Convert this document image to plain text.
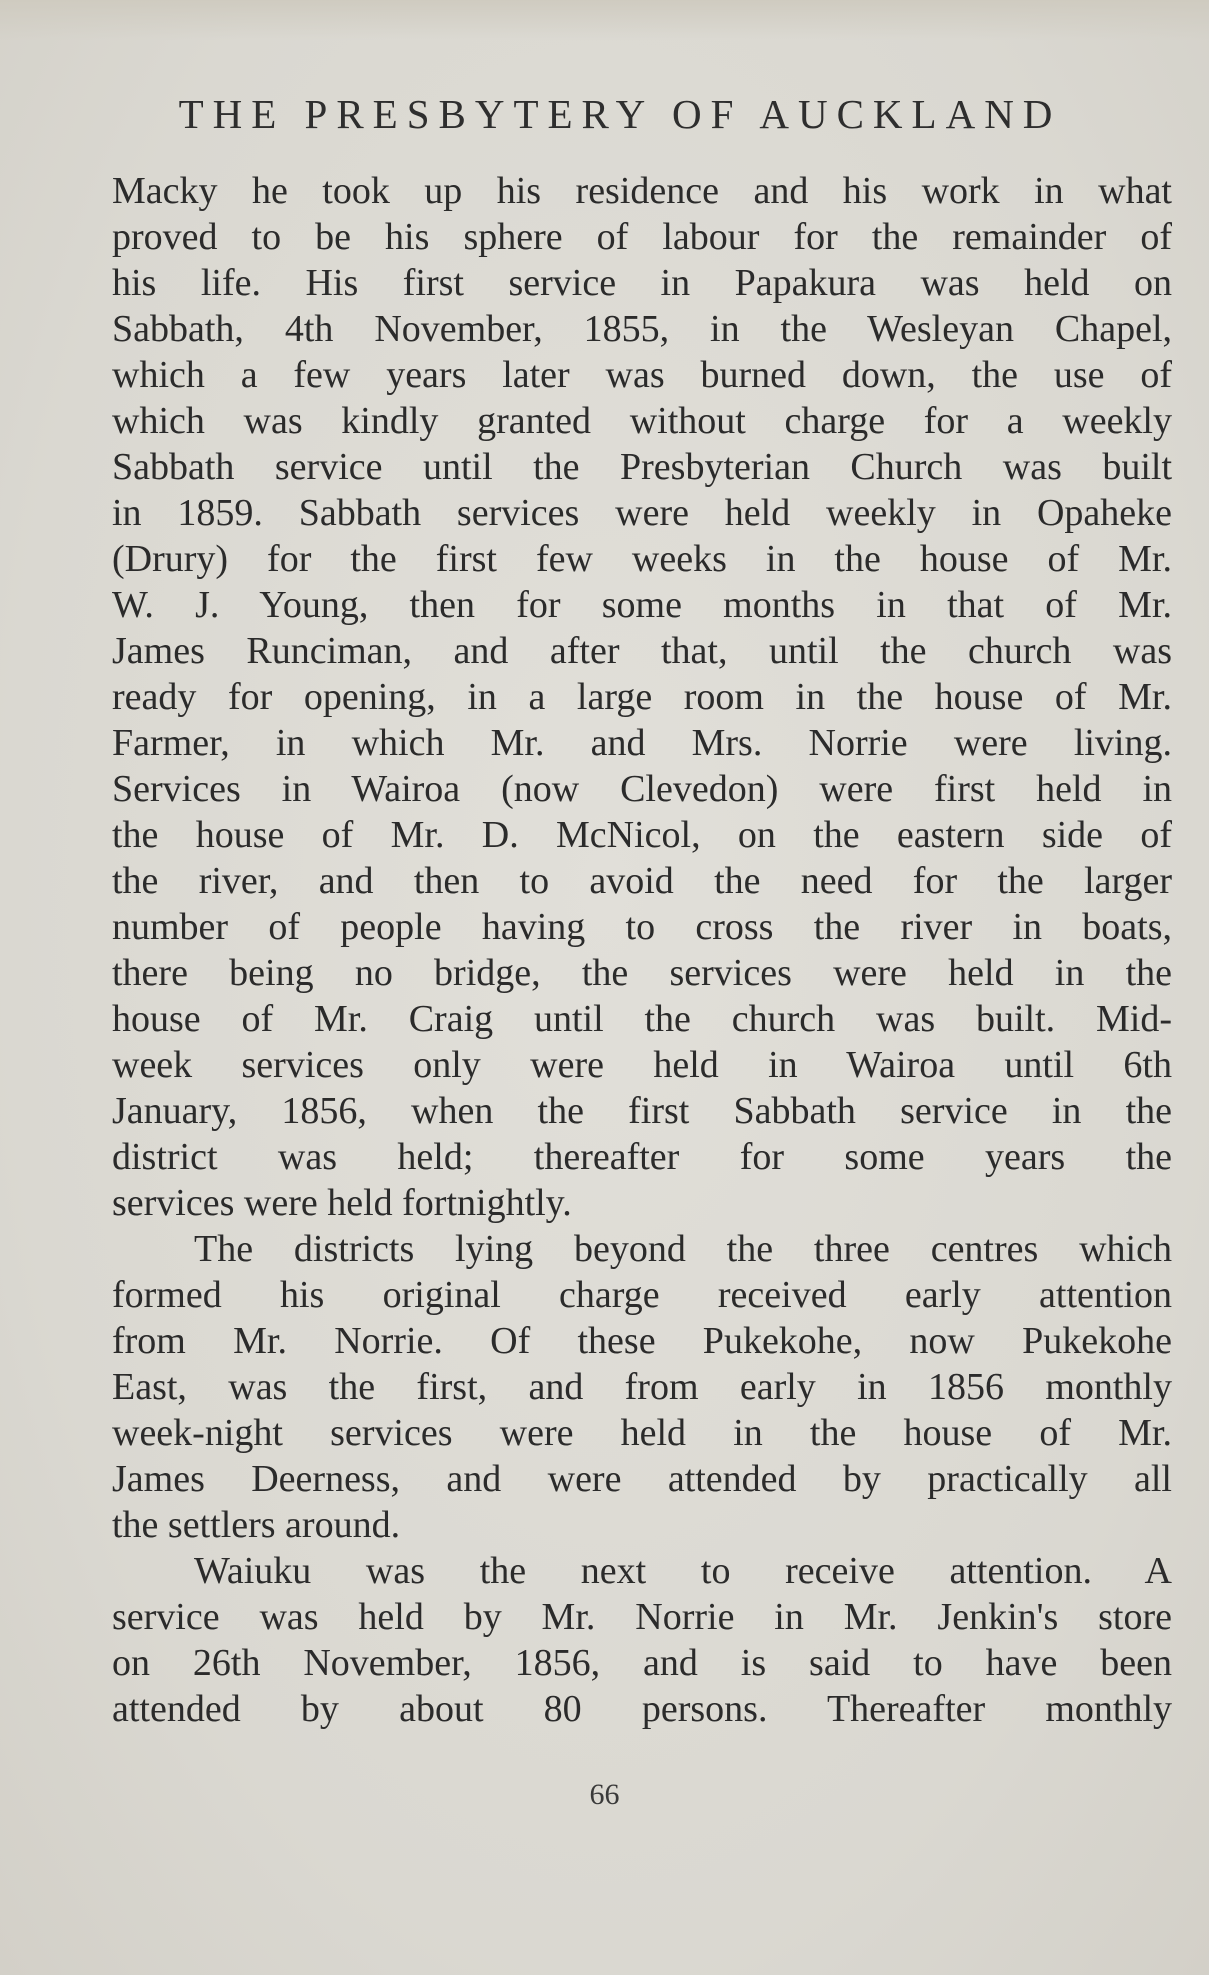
THE PRESBYTERY OF AUCKLAND
Macky he took up his residence and his work in what
proved to be his sphere of labour for the remainder of
his life. His first service in Papakura was held on
Sabbath, 4th November, 1855, in the Wesleyan Chapel,
which a few years later was burned down, the use of
which was kindly granted without charge for a weekly
Sabbath service until the Presbyterian Church was built
in 1859. Sabbath services were held weekly in Opaheke
(Drury) for the first few weeks in the house of Mr.
W. J. Young, then for some months in that of Mr.
James Runciman, and after that, until the church was
ready for opening, in a large room in the house of Mr.
Farmer, in which Mr. and Mrs. Norrie were living.
Services in Wairoa (now Clevedon) were first held in
the house of Mr. D. McNicol, on the eastern side of
the river, and then to avoid the need for the larger
number of people having to cross the river in boats,
there being no bridge, the services were held in the
house of Mr. Craig until the church was built. Mid-
week services only were held in Wairoa until 6th
January, 1856, when the first Sabbath service in the
district was held; thereafter for some years the
services were held fortnightly.
The districts lying beyond the three centres which
formed his original charge received early attention
from Mr. Norrie. Of these Pukekohe, now Pukekohe
East, was the first, and from early in 1856 monthly
week-night services were held in the house of Mr.
James Deerness, and were attended by practically all
the settlers around.
Waiuku was the next to receive attention. A
service was held by Mr. Norrie in Mr. Jenkin's store
on 26th November, 1856, and is said to have been
attended by about 80 persons. Thereafter monthly
66
